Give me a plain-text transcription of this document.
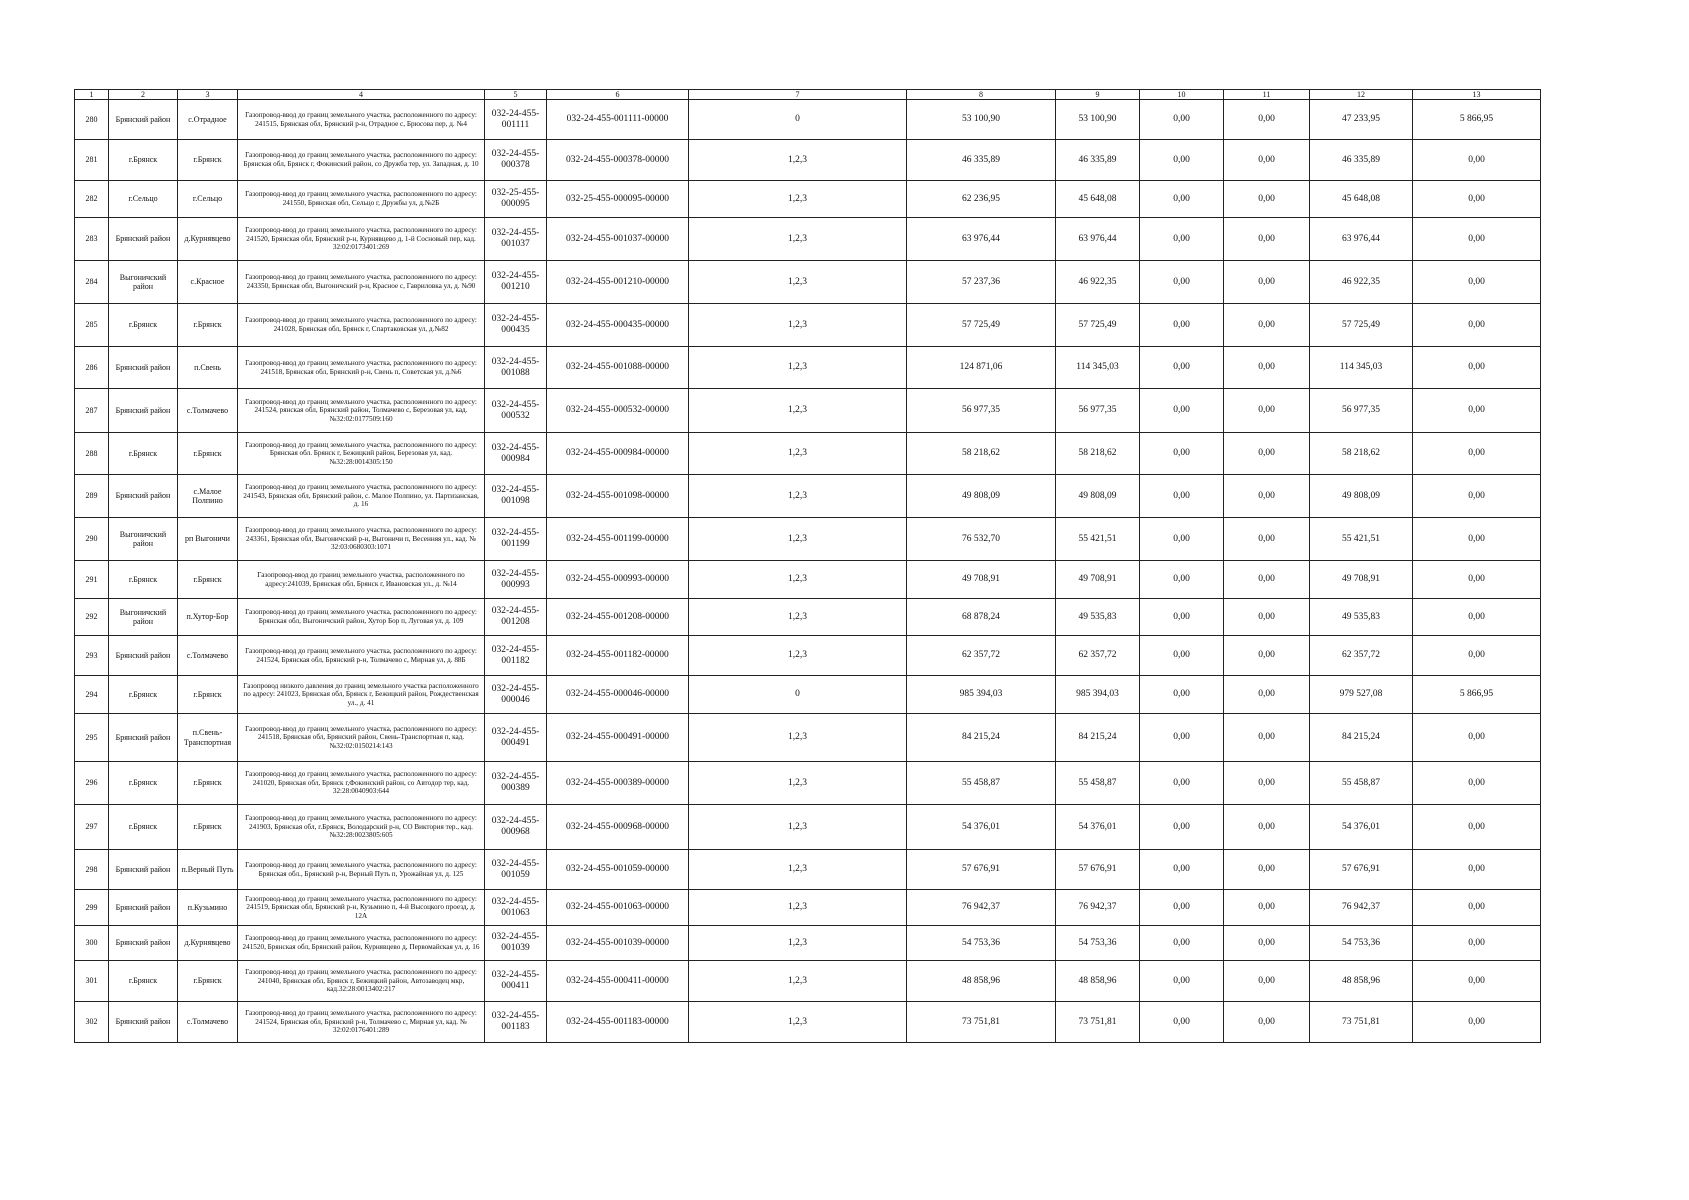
1	2	3	4	5	6	7	8	9	10	11	12	13
280	Брянский район	с.Отрадное	Газопровод-ввод до границ земельного участка, расположенного по адресу: 241515, Брянская обл, Брянский р-н, Отрадное с, Брюсова пер, д. №4	032-24-455-001111	032-24-455-001111-00000	0	53 100,90	53 100,90	0,00	0,00	47 233,95	5 866,95
281	г.Брянск	г.Брянск	Газопровод-ввод до границ земельного участка, расположенного по адресу: Брянская обл, Брянск г, Фокинский район, со Дружба тер, ул. Западная, д. 10	032-24-455-000378	032-24-455-000378-00000	1,2,3	46 335,89	46 335,89	0,00	0,00	46 335,89	0,00
282	г.Сельцо	г.Сельцо	Газопровод-ввод до границ земельного участка, расположенного по адресу: 241550, Брянская обл, Сельцо г, Дружбы ул, д.№2Б	032-25-455-000095	032-25-455-000095-00000	1,2,3	62 236,95	45 648,08	0,00	0,00	45 648,08	0,00
283	Брянский район	д.Курнявцево	Газопровод-ввод до границ земельного участка, расположенного по адресу: 241520, Брянская обл, Брянский р-н, Курнявцево д, 1-й Сосновый пер, кад. 32:02:0173401:269	032-24-455-001037	032-24-455-001037-00000	1,2,3	63 976,44	63 976,44	0,00	0,00	63 976,44	0,00
284	Выгоничский район	с.Красное	Газопровод-ввод до границ земельного участка, расположенного по адресу: 243350, Брянская обл, Выгоничский р-н, Красное с, Гавриловка ул, д. №90	032-24-455-001210	032-24-455-001210-00000	1,2,3	57 237,36	46 922,35	0,00	0,00	46 922,35	0,00
285	г.Брянск	г.Брянск	Газопровод-ввод до границ земельного участка, расположенного по адресу: 241028, Брянская обл, Брянск г, Спартаковская ул, д.№82	032-24-455-000435	032-24-455-000435-00000	1,2,3	57 725,49	57 725,49	0,00	0,00	57 725,49	0,00
286	Брянский район	п.Свень	Газопровод-ввод до границ земельного участка, расположенного по адресу: 241518, Брянская обл, Брянский р-н, Свень п, Советская ул, д.№6	032-24-455-001088	032-24-455-001088-00000	1,2,3	124 871,06	114 345,03	0,00	0,00	114 345,03	0,00
287	Брянский район	с.Толмачево	Газопровод-ввод до границ земельного участка, расположенного по адресу: 241524, рянская обл, Брянский район, Толмачево с, Березовая ул, кад. №32:02:0177509:160	032-24-455-000532	032-24-455-000532-00000	1,2,3	56 977,35	56 977,35	0,00	0,00	56 977,35	0,00
288	г.Брянск	г.Брянск	Газопровод-ввод до границ земельного участка, расположенного по адресу: Брянская обл. Брянск г, Бежицкий район, Березовая ул, кад. №32:28:0014305:150	032-24-455-000984	032-24-455-000984-00000	1,2,3	58 218,62	58 218,62	0,00	0,00	58 218,62	0,00
289	Брянский район	с.Малое Полпино	Газопровод-ввод до границ земельного участка, расположенного по адресу: 241543, Брянская обл, Брянский район, с. Малое Полпино, ул. Партизанская, д. 16	032-24-455-001098	032-24-455-001098-00000	1,2,3	49 808,09	49 808,09	0,00	0,00	49 808,09	0,00
290	Выгоничский район	рп Выгоничи	Газопровод-ввод до границ земельного участка, расположенного по адресу: 243361, Брянская обл, Выгоничский р-н, Выгоничи п, Весенняя ул., кад. № 32:03:0680303:1071	032-24-455-001199	032-24-455-001199-00000	1,2,3	76 532,70	55 421,51	0,00	0,00	55 421,51	0,00
291	г.Брянск	г.Брянск	Газопровод-ввод до границ земельного участка, расположенного по адресу:241039, Брянская обл, Брянск г, Ивановская ул., д. №14	032-24-455-000993	032-24-455-000993-00000	1,2,3	49 708,91	49 708,91	0,00	0,00	49 708,91	0,00
292	Выгоничский район	п.Хутор-Бор	Газопровод-ввод до границ земельного участка, расположенного по адресу: Брянская обл, Выгоничский район, Хутор Бор п, Луговая ул, д. 109	032-24-455-001208	032-24-455-001208-00000	1,2,3	68 878,24	49 535,83	0,00	0,00	49 535,83	0,00
293	Брянский район	с.Толмачево	Газопровод-ввод до границ земельного участка, расположенного по адресу: 241524, Брянская обл, Брянский р-н, Толмачево с, Мирная ул, д. 88Б	032-24-455-001182	032-24-455-001182-00000	1,2,3	62 357,72	62 357,72	0,00	0,00	62 357,72	0,00
294	г.Брянск	г.Брянск	Газопровод низкого давления до границ земельного участка расположенного по адресу: 241023, Брянская обл, Брянск г, Бежицкий район, Рождественская ул., д. 41	032-24-455-000046	032-24-455-000046-00000	0	985 394,03	985 394,03	0,00	0,00	979 527,08	5 866,95
295	Брянский район	п.Свень-Транспортная	Газопровод-ввод до границ земельного участка, расположенного по адресу: 241518, Брянская обл, Брянский район, Свень-Транспортная п, кад. №32:02:0150214:143	032-24-455-000491	032-24-455-000491-00000	1,2,3	84 215,24	84 215,24	0,00	0,00	84 215,24	0,00
296	г.Брянск	г.Брянск	Газопровод-ввод до границ земельного участка, расположенного по адресу: 241020, Брянская обл, Брянск г,Фокинский район, со Автодор тер, кад. 32:28:0040903:644	032-24-455-000389	032-24-455-000389-00000	1,2,3	55 458,87	55 458,87	0,00	0,00	55 458,87	0,00
297	г.Брянск	г.Брянск	Газопровод-ввод до границ земельного участка, расположенного по адресу: 241903, Брянская обл, г.Брянск, Володарский р-н, СО Виктория тер., кад. №32:28:0023805:605	032-24-455-000968	032-24-455-000968-00000	1,2,3	54 376,01	54 376,01	0,00	0,00	54 376,01	0,00
298	Брянский район	п.Верный Путь	Газопровод-ввод до границ земельного участка, расположенного по адресу: Брянская обл., Брянский р-н, Верный Путь п, Урожайная ул, д. 125	032-24-455-001059	032-24-455-001059-00000	1,2,3	57 676,91	57 676,91	0,00	0,00	57 676,91	0,00
299	Брянский район	п.Кузьмино	Газопровод-ввод до границ земельного участка, расположенного по адресу: 241519, Брянская обл, Брянский р-н, Кузьмино п, 4-й Высоцкого проезд, д. 12А	032-24-455-001063	032-24-455-001063-00000	1,2,3	76 942,37	76 942,37	0,00	0,00	76 942,37	0,00
300	Брянский район	д.Курнявцево	Газопровод-ввод до границ земельного участка, расположенного по адресу: 241520, Брянская обл, Брянский район, Курнявцево д, Первомайская ул, д. 16	032-24-455-001039	032-24-455-001039-00000	1,2,3	54 753,36	54 753,36	0,00	0,00	54 753,36	0,00
301	г.Брянск	г.Брянск	Газопровод-ввод до границ земельного участка, расположенного по адресу: 241040, Брянская обл, Брянск г, Бежицкий район, Автозаводец мкр, кад.32:28:0013402:217	032-24-455-000411	032-24-455-000411-00000	1,2,3	48 858,96	48 858,96	0,00	0,00	48 858,96	0,00
302	Брянский район	с.Толмачево	Газопровод-ввод до границ земельного участка, расположенного по адресу: 241524, Брянская обл, Брянский р-н, Толмачево с, Мирная ул, кад. № 32:02:0176401:289	032-24-455-001183	032-24-455-001183-00000	1,2,3	73 751,81	73 751,81	0,00	0,00	73 751,81	0,00
